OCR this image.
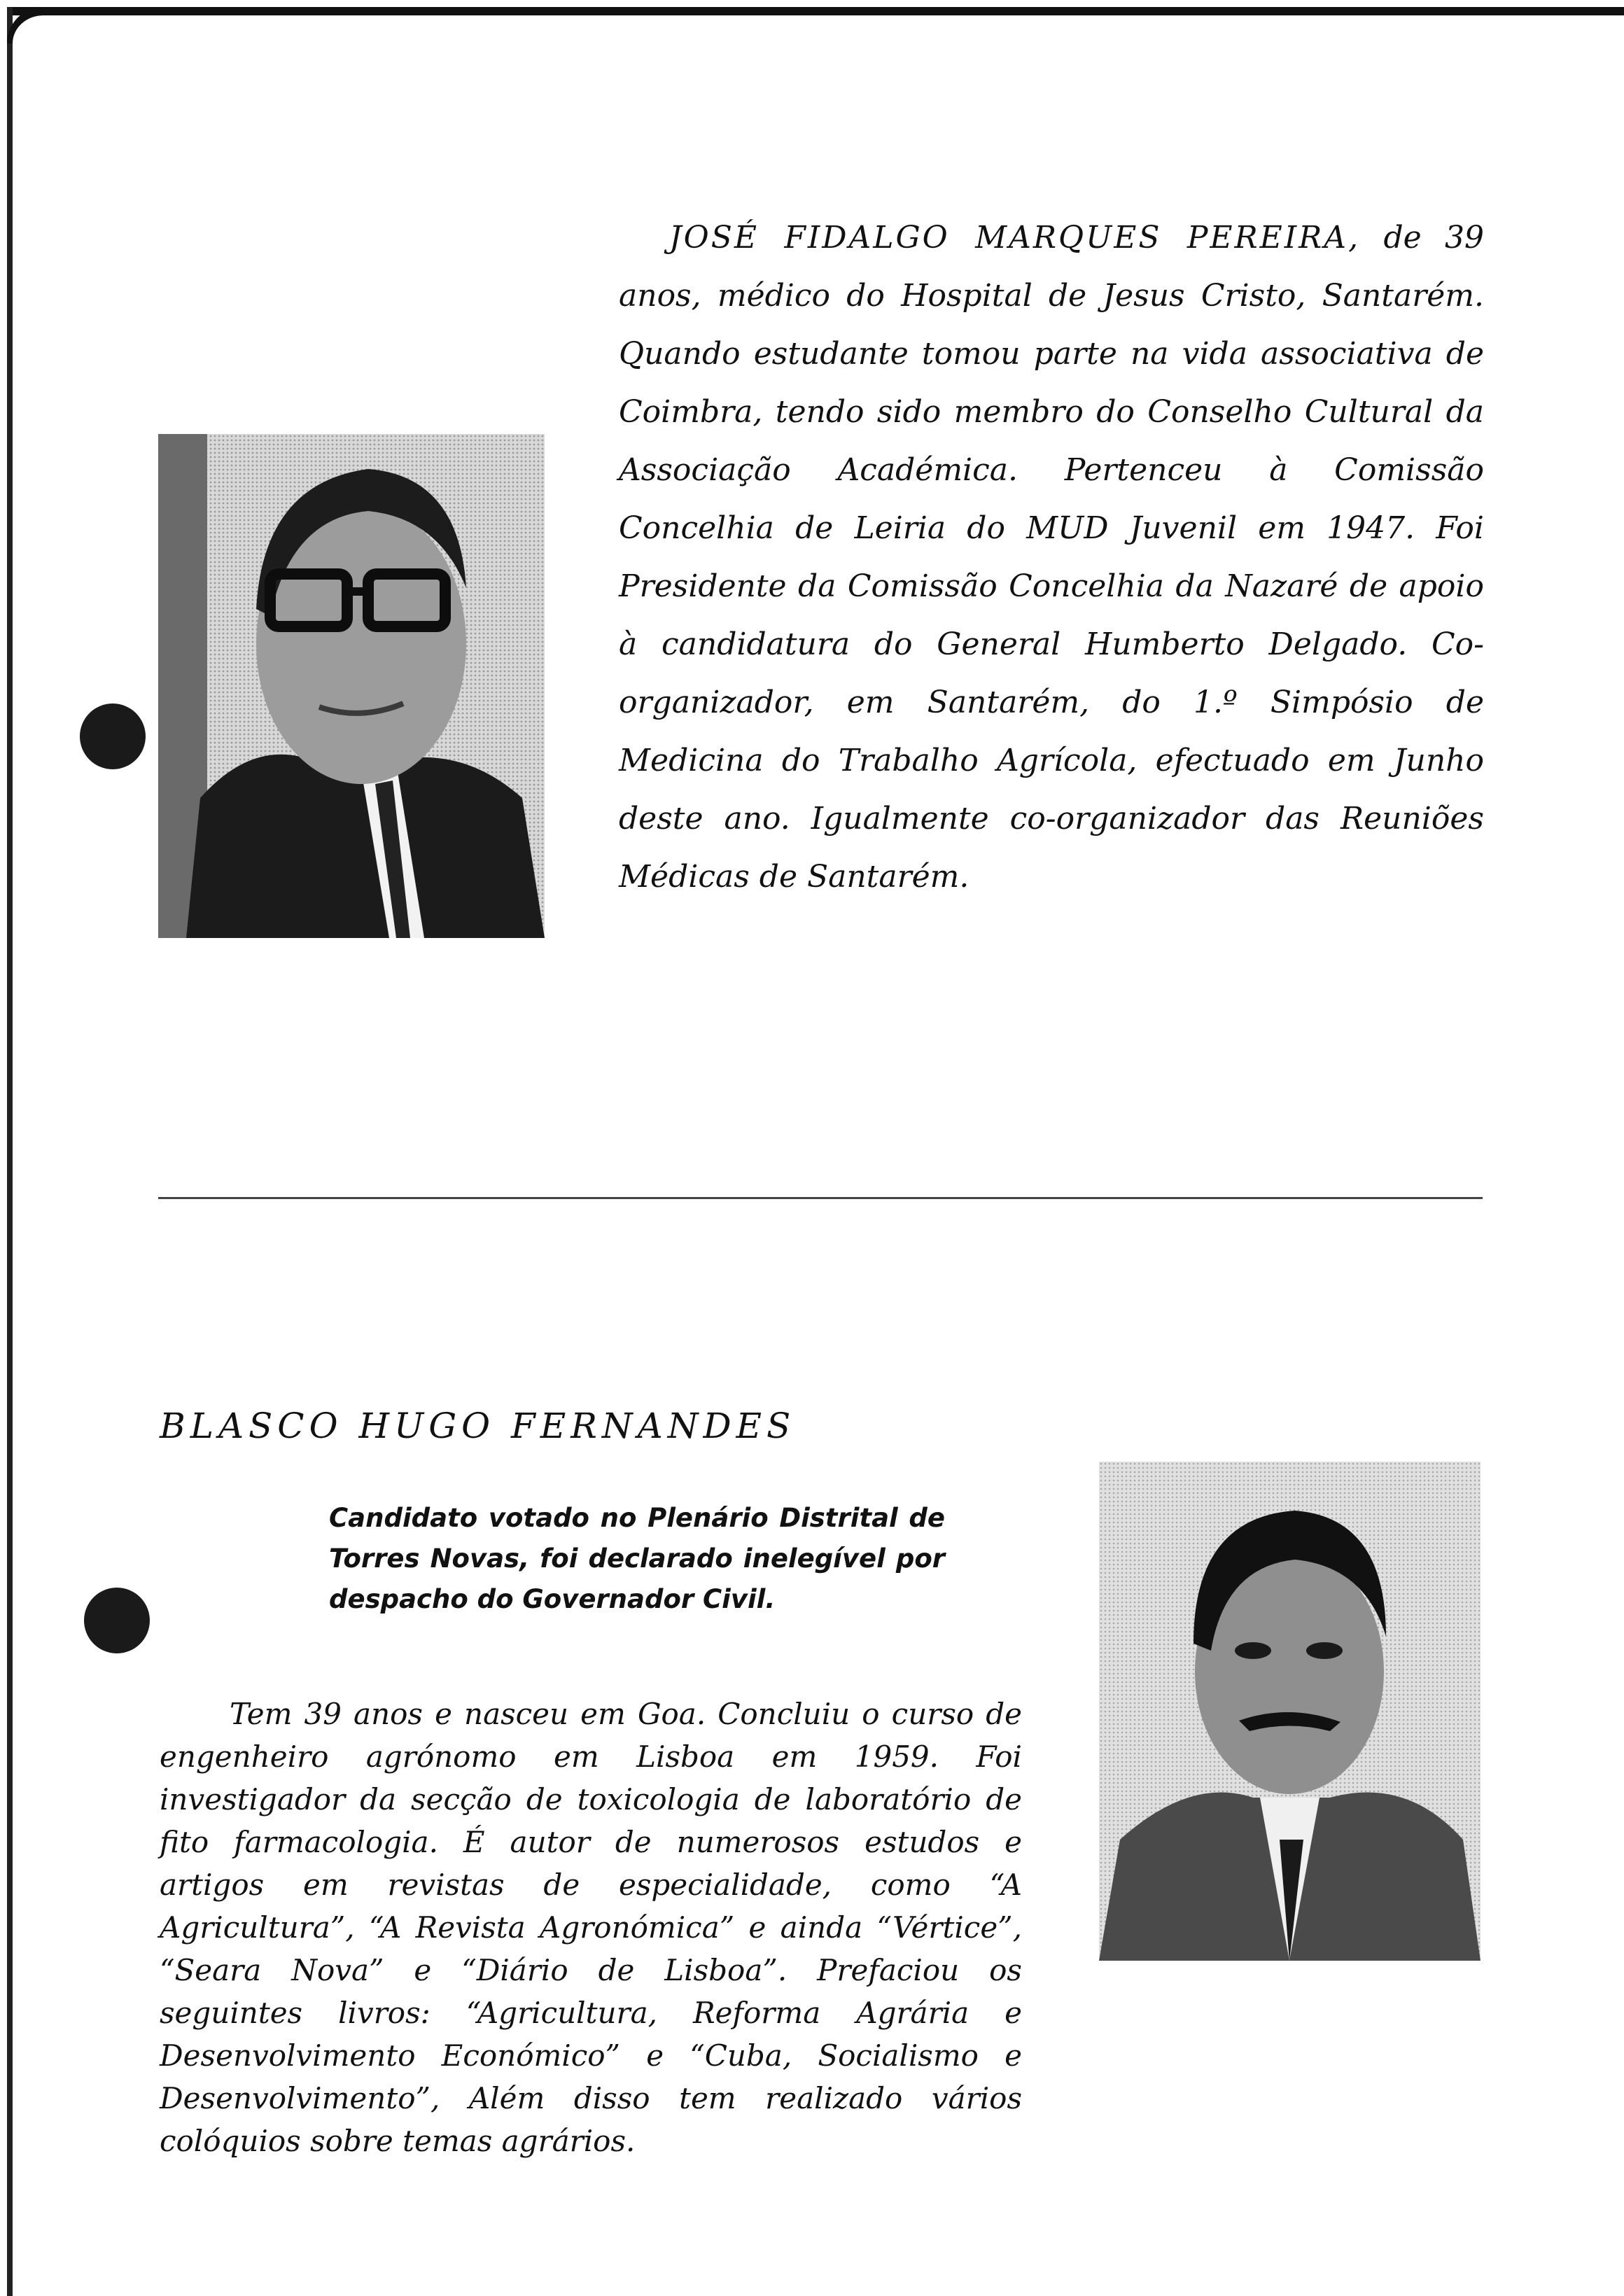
JOSÉ FIDALGO MARQUES PEREIRA, de 39 anos, médico do Hospital de Jesus Cristo, Santarém. Quando estudante tomou parte na vida associativa de Coimbra, tendo sido membro do Conselho Cultural da Associação Académica. Pertenceu à Comissão Concelhia de Leiria do MUD Juvenil em 1947. Foi Presidente da Comissão Concelhia da Nazaré de apoio à candidatura do General Humberto Delgado. Co-organizador, em Santarém, do 1.º Simpósio de Medicina do Trabalho Agrícola, efectuado em Junho deste ano. Igualmente co-organizador das Reuniões Médicas de Santarém.
BLASCO HUGO FERNANDES
Candidato votado no Plenário Distrital de Torres Novas, foi declarado inelegível por despacho do Governador Civil.
Tem 39 anos e nasceu em Goa. Concluiu o curso de engenheiro agrónomo em Lisboa em 1959. Foi investigador da secção de toxicologia de laboratório de fito farmacologia. É autor de numerosos estudos e artigos em revistas de especialidade, como “A Agricultura”, “A Revista Agronómica” e ainda “Vértice”, “Seara Nova” e “Diário de Lisboa”. Prefaciou os seguintes livros: “Agricultura, Reforma Agrária e Desenvolvimento Económico” e “Cuba, Socialismo e Desenvolvimento”, Além disso tem realizado vários colóquios sobre temas agrários.
